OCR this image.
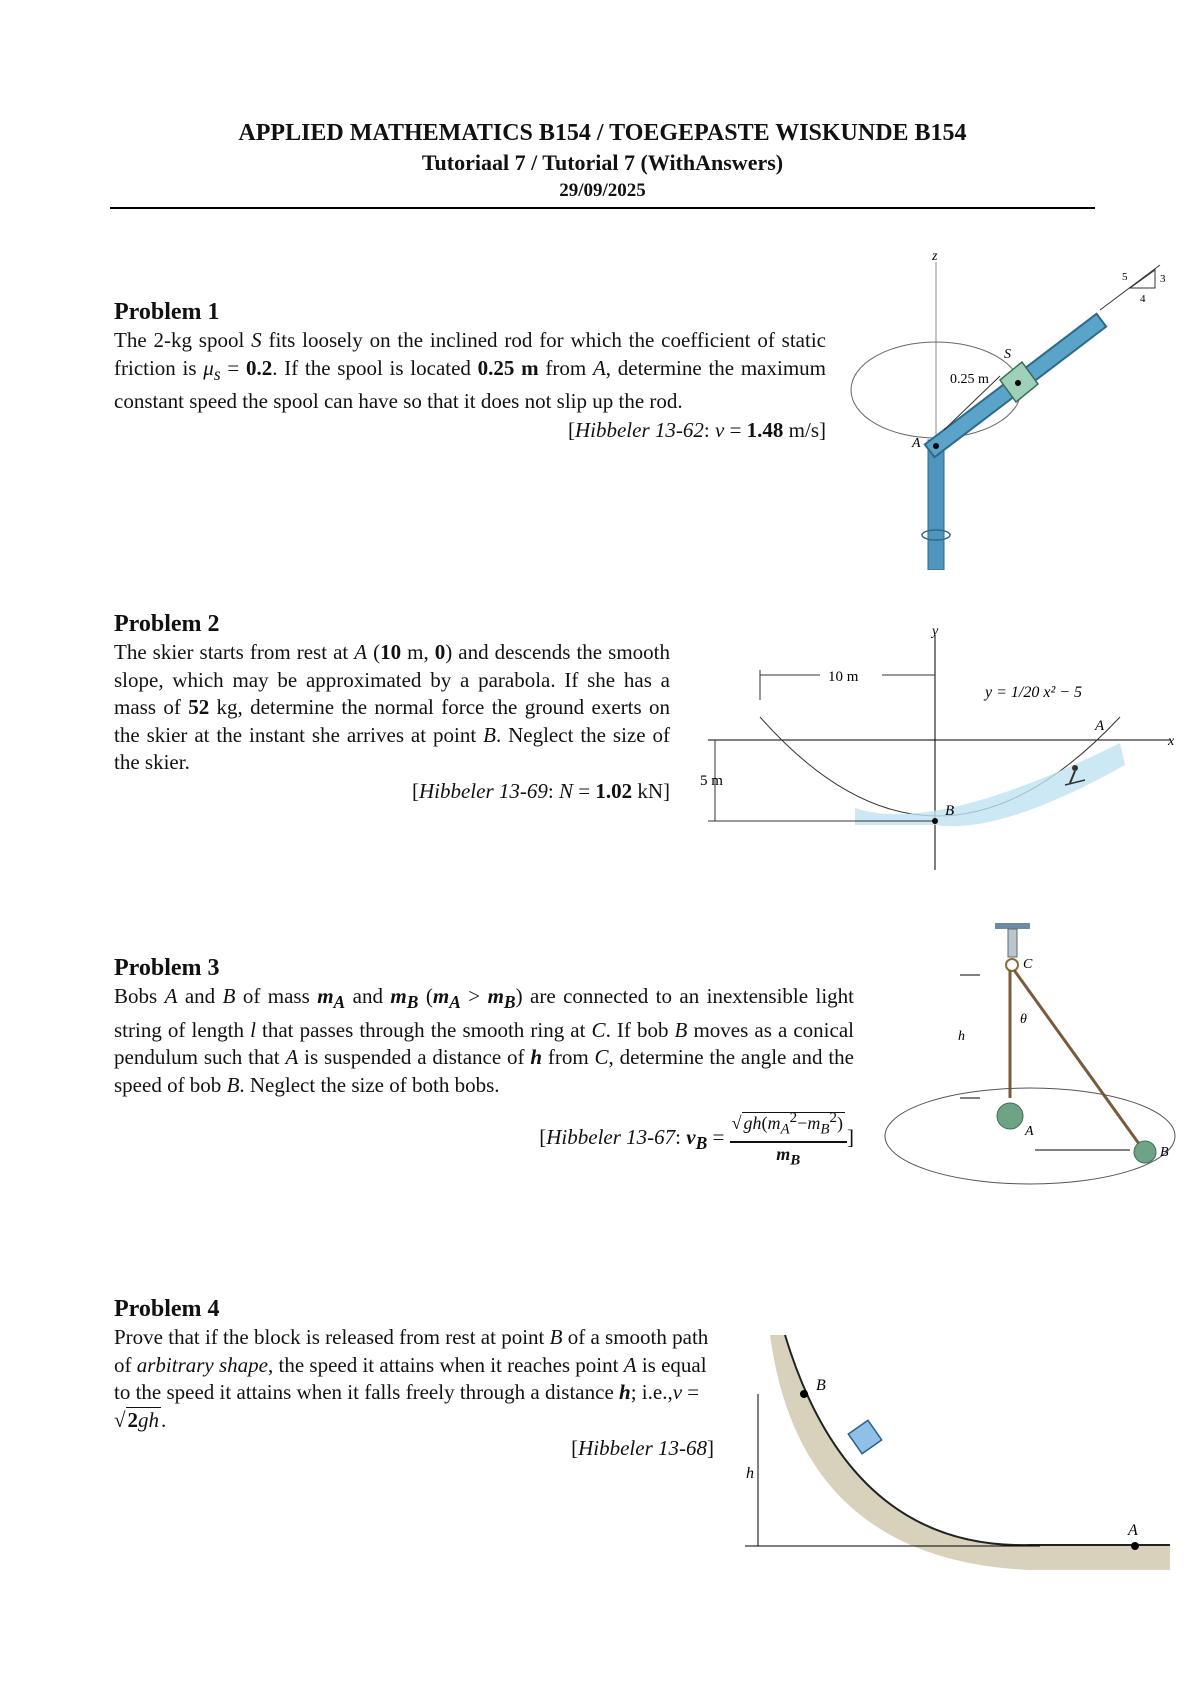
APPLIED MATHEMATICS B154 / TOEGEPASTE WISKUNDE B154
Tutoriaal 7 / Tutorial 7 (WithAnswers)
29/09/2025
Problem 1

The 2-kg spool S fits loosely on the inclined rod for which the coefficient of static friction is $\mu_s = 0.2$. If the spool is located 0.25 m from A, determine the maximum constant speed the spool can have so that it does not slip up the rod.

[Hibbeler 13-62: v = 1.48 m/s]
z
S
0.25 m
A
5	3
4
Problem 2

The skier starts from rest at A (10 m, 0) and descends the smooth slope, which may be approximated by a parabola. If she has a mass of 52 kg, determine the normal force the ground exerts on the skier at the instant she arrives at point B. Neglect the size of the skier.

[Hibbeler 13-69: N = 1.02 kN]
y
x
10 m
5 m
B
A
y = 1/20 x² − 5
Problem 3

Bobs A and B of mass $m_A$ and $m_B$ $(m_A > m_B)$ are connected to an inextensible light string of length l that passes through the smooth ring at C. If bob B moves as a conical pendulum such that A is suspended a distance of h from C, determine the angle and the speed of bob B. Neglect the size of both bobs.

[Hibbeler 13-67: $v_B = \frac{√ gh(m_A^2-m_B^2)}{m_B}$ ]
C
θ
h
A
B
Problem 4

Prove that if the block is released from rest at point B of a smooth path of arbitrary shape, the speed it attains when it reaches point A is equal to the speed it attains when it falls freely through a distance h; i.e.,v = √2gh.

[Hibbeler 13-68]
B
h
A
